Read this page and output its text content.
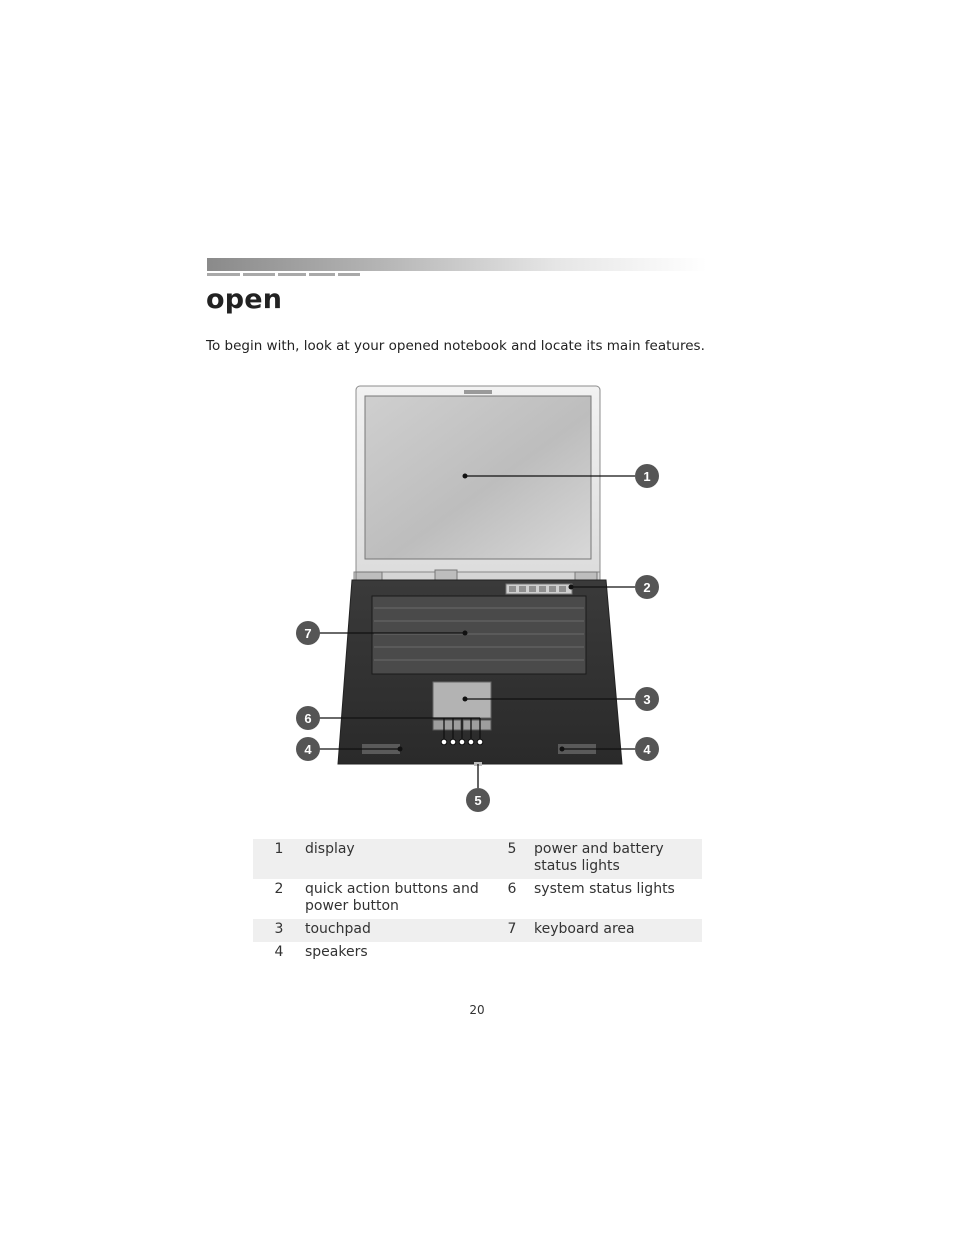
open

To begin with, look at your opened notebook and locate its main features.

1
2
3
4	4
5
6
7
1	display	5	power and battery status lights
2	quick action buttons and power button	6	system status lights
3	touchpad	7	keyboard area
4	speakers		
20
